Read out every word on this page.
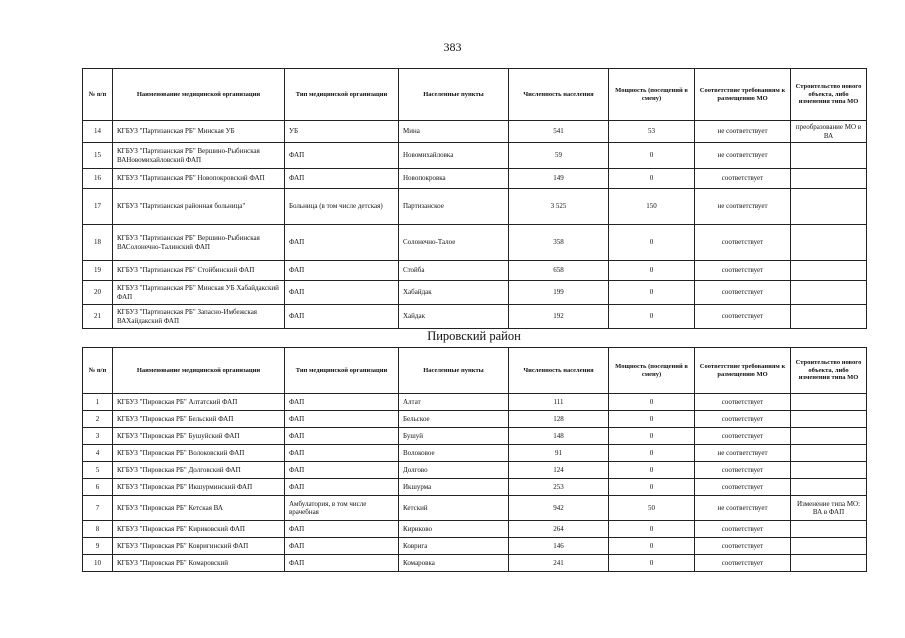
383
№ п/п	Наименование медицинской организации	Тип медицинской организации	Населенные пункты	Численность населения	Мощность (посещений в смену)	Соответствие требованиям к размещению МО	Строительство нового объекта, либо изменения типа МО
14	КГБУЗ "Партизанская РБ" Минская УБ	УБ	Мина	541	53	не соответствует	преобразование МО в ВА
15	КГБУЗ "Партизанская РБ" Вершино-Рыбинская ВАНовомихайловский ФАП	ФАП	Новомихайловка	59	0	не соответствует	
16	КГБУЗ "Партизанская РБ" Новопокровский ФАП	ФАП	Новопокровка	149	0	соответствует	
17	КГБУЗ "Партизанская районная больница"	Больница (в том числе детская)	Партизанское	3 525	150	не соответствует	
18	КГБУЗ "Партизанская РБ" Вершино-Рыбинская ВАСолонечно-Талинский ФАП	ФАП	Солонечно-Талое	358	0	соответствует	
19	КГБУЗ "Партизанская РБ" Стойбинский ФАП	ФАП	Стойба	658	0	соответствует	
20	КГБУЗ "Партизанская РБ" Минская УБ Хабайдакский ФАП	ФАП	Хабайдак	199	0	соответствует	
21	КГБУЗ "Партизанская РБ" Запасно-Имбежская ВАХайдакский ФАП	ФАП	Хайдак	192	0	соответствует	
Пировский район
№ п/п	Наименование медицинской организации	Тип медицинской организации	Населенные пункты	Численность населения	Мощность (посещений в смену)	Соответствие требованиям к размещению МО	Строительство нового объекта, либо изменения типа МО
1	КГБУЗ "Пировская РБ" Алтатский ФАП	ФАП	Алтат	111	0	соответствует	
2	КГБУЗ "Пировская РБ" Бельский ФАП	ФАП	Бельское	128	0	соответствует	
3	КГБУЗ "Пировская РБ" Бушуйский ФАП	ФАП	Бушуй	148	0	соответствует	
4	КГБУЗ "Пировская РБ" Волоковский ФАП	ФАП	Волоковое	91	0	не соответствует	
5	КГБУЗ "Пировская РБ" Долговский ФАП	ФАП	Долгово	124	0	соответствует	
6	КГБУЗ "Пировская РБ" Икшурминский ФАП	ФАП	Икшурма	253	0	соответствует	
7	КГБУЗ "Пировская РБ" Кетская ВА	Амбулатория, в том числе врачебная	Кетский	942	50	не соответствует	Изменение типа МО: ВА в ФАП
8	КГБУЗ "Пировская РБ" Кириковский ФАП	ФАП	Кириково	264	0	соответствует	
9	КГБУЗ "Пировская РБ" Ковригинский ФАП	ФАП	Ковригa	146	0	соответствует	
10	КГБУЗ "Пировская РБ" Комаровский	ФАП	Комаровка	241	0	соответствует	
